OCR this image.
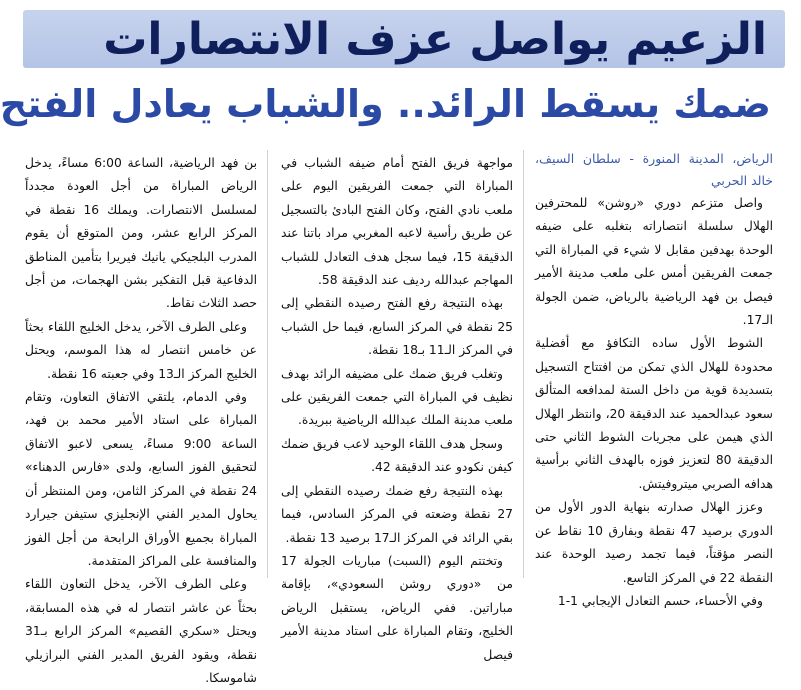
الزعيم يواصل عزف الانتصارات
ضمك يسقط الرائد.. والشباب يعادل الفتح

الرياض، المدينة المنورة - سلطان السيف، خالد الحربي

واصل متزعم دوري «روشن» للمحترفين الهلال سلسلة انتصاراته بتغلبه على ضيفه الوحدة بهدفين مقابل لا شيء في المباراة التي جمعت الفريقين أمس على ملعب مدينة الأمير فيصل بن فهد الرياضية بالرياض، ضمن الجولة الـ17.

الشوط الأول ساده التكافؤ مع أفضلية محدودة للهلال الذي تمكن من افتتاح التسجيل بتسديدة قوية من داخل الستة لمدافعه المتألق سعود عبدالحميد عند الدقيقة 20، وانتظر الهلال الذي هيمن على مجريات الشوط الثاني حتى الدقيقة 80 لتعزيز فوزه بالهدف الثاني برأسية هدافه الصربي ميتروفيتش.

وعزز الهلال صدارته بنهاية الدور الأول من الدوري برصيد 47 نقطة وبفارق 10 نقاط عن النصر مؤقتاً، فيما تجمد رصيد الوحدة عند النقطة 22 في المركز التاسع.

وفي الأحساء، حسم التعادل الإيجابي 1-1

مواجهة فريق الفتح أمام ضيفه الشباب في المباراة التي جمعت الفريقين اليوم على ملعب نادي الفتح، وكان الفتح البادئ بالتسجيل عن طريق رأسية لاعبه المغربي مراد باتنا عند الدقيقة 15، فيما سجل هدف التعادل للشباب المهاجم عبدالله رديف عند الدقيقة 58.

بهذه النتيجة رفع الفتح رصيده النقطي إلى 25 نقطة في المركز السابع، فيما حل الشباب في المركز الـ11 بـ18 نقطة.

وتغلب فريق ضمك على مضيفه الرائد بهدف نظيف في المباراة التي جمعت الفريقين على ملعب مدينة الملك عبدالله الرياضية ببريدة.

وسجل هدف اللقاء الوحيد لاعب فريق ضمك كيفن نكودو عند الدقيقة 42.

بهذه النتيجة رفع ضمك رصيده النقطي إلى 27 نقطة وضعته في المركز السادس، فيما بقي الرائد في المركز الـ17 برصيد 13 نقطة.

وتختتم اليوم (السبت) مباريات الجولة 17 من «دوري روشن السعودي»، بإقامة مباراتين. ففي الرياض، يستقبل الرياض الخليج، وتقام المباراة على استاد مدينة الأمير فيصل

بن فهد الرياضية، الساعة 6:00 مساءً، يدخل الرياض المباراة من أجل العودة مجدداً لمسلسل الانتصارات. ويملك 16 نقطة في المركز الرابع عشر، ومن المتوقع أن يقوم المدرب البلجيكي يانيك فيريرا بتأمين المناطق الدفاعية قبل التفكير بشن الهجمات، من أجل حصد الثلاث نقاط.

وعلى الطرف الآخر، يدخل الخليج اللقاء بحثاً عن خامس انتصار له هذا الموسم، ويحتل الخليج المركز الـ13 وفي جعبته 16 نقطة.

وفي الدمام، يلتقي الاتفاق التعاون، وتقام المباراة على استاد الأمير محمد بن فهد، الساعة 9:00 مساءً، يسعى لاعبو الاتفاق لتحقيق الفوز السابع، ولدى «فارس الدهناء» 24 نقطة في المركز الثامن، ومن المنتظر أن يحاول المدير الفني الإنجليزي ستيفن جيرارد المباراة بجميع الأوراق الرابحة من أجل الفوز والمنافسة على المراكز المتقدمة.

وعلى الطرف الآخر، يدخل التعاون اللقاء بحثاً عن عاشر انتصار له في هذه المسابقة، ويحتل «سكري القصيم» المركز الرابع بـ31 نقطة، ويقود الفريق المدير الفني البرازيلي شاموسكا.
